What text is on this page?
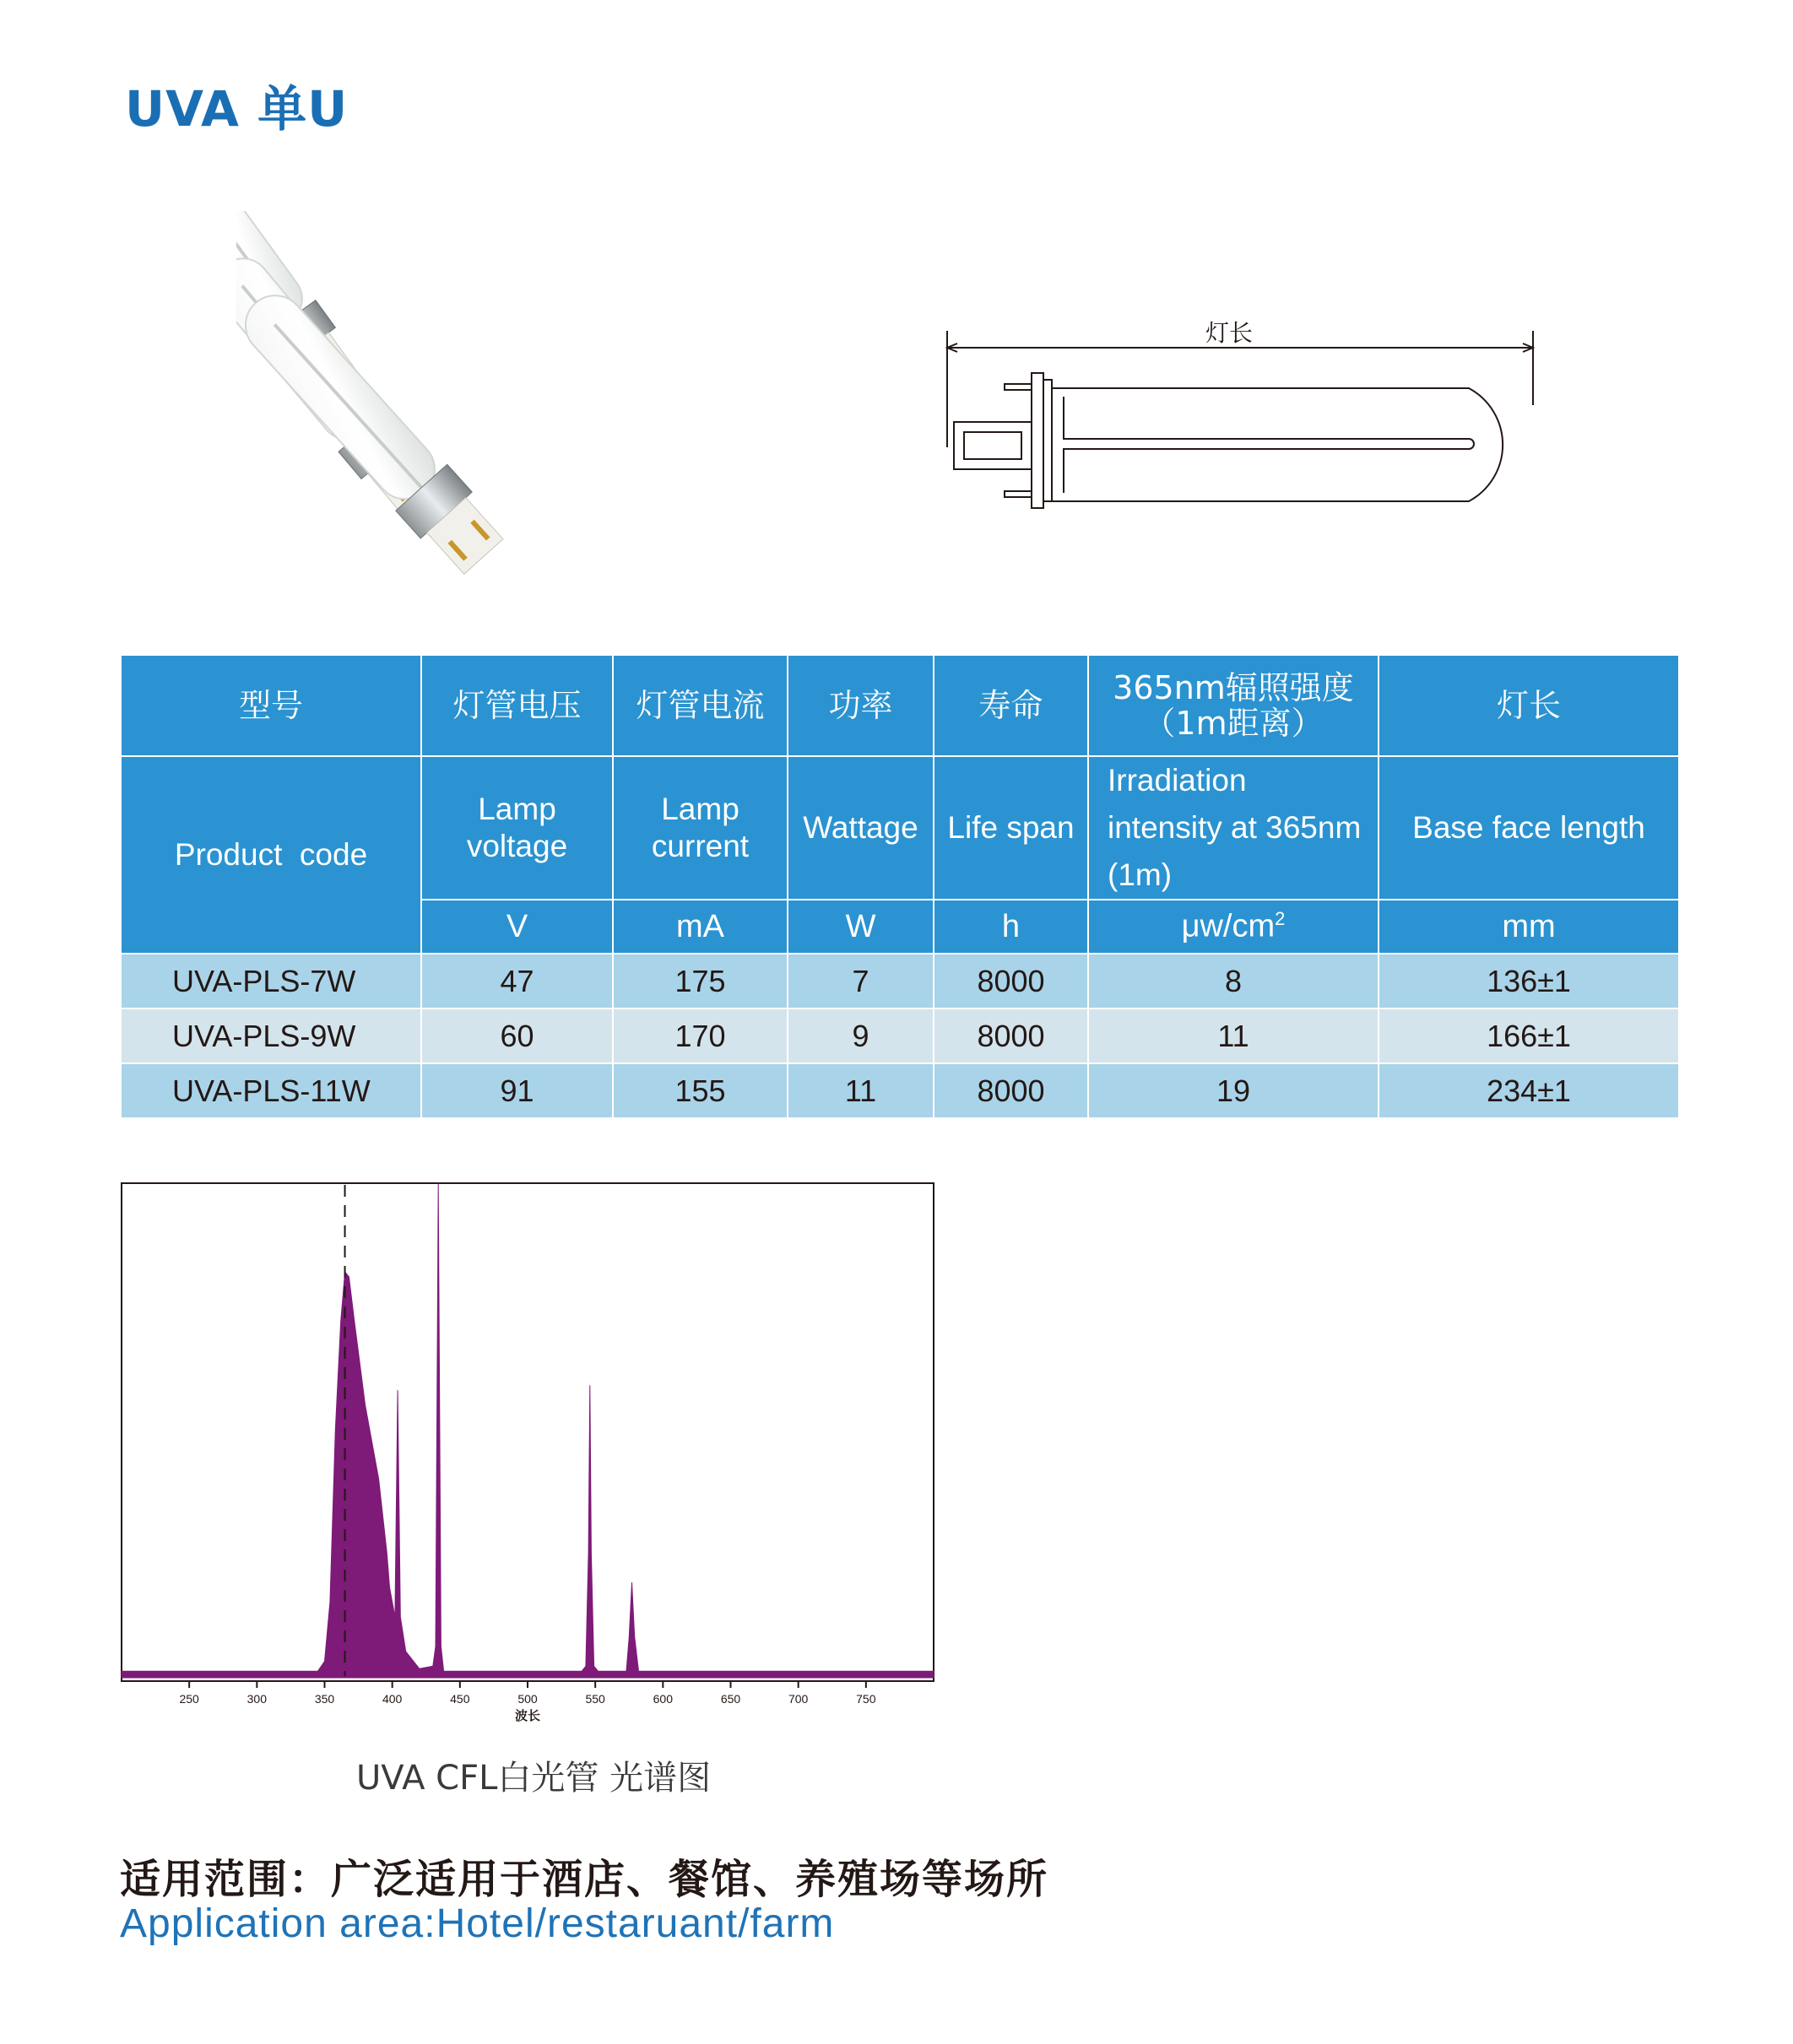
UVA 单U
灯长
型号	灯管电压	灯管电流	功率	寿命	365nm辐照强度（1m距离）	灯长
Product  code	Lamp voltage	Lamp current	Wattage	Life span	Irradiation intensity at 365nm (1m)	Base face length
	V	mA	W	h	$\mu w/cm^2$	mm
UVA-PLS-7W	47	175	7	8000	8	136±1
UVA-PLS-9W	60	170	9	8000	11	166±1
UVA-PLS-11W	91	155	11	8000	19	234±1
250	300	350	400	450	500	550	600	650	700	750
波长
UVA CFL白光管 光谱图
适用范围：广泛适用于酒店、餐馆、养殖场等场所
Application area:Hotel/restaruant/farm
